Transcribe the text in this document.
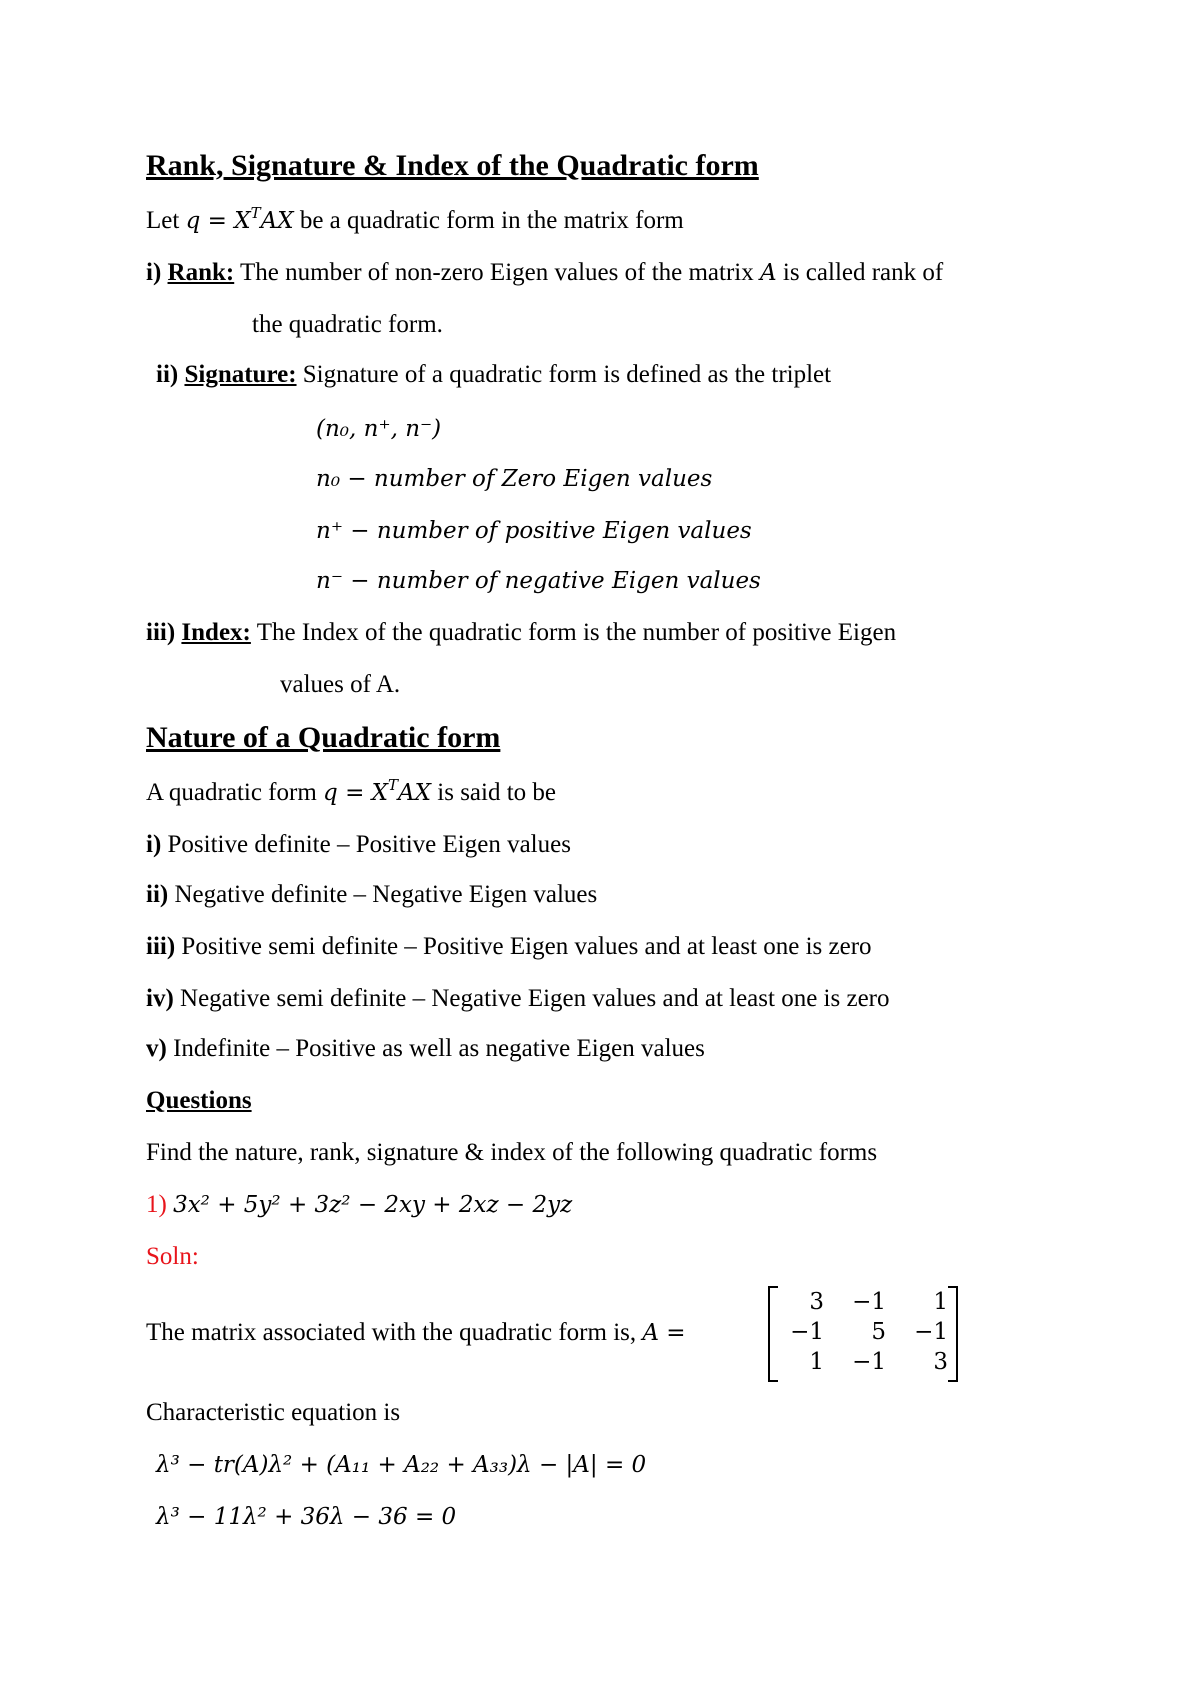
Rank, Signature & Index of the Quadratic form
Let $q = X^TAX$ be a quadratic form in the matrix form
i) Rank: The number of non-zero Eigen values of the matrix A is called rank of
the quadratic form.
ii) Signature: Signature of a quadratic form is defined as the triplet
(n₀, n⁺, n⁻)
n₀ − number of Zero Eigen values
n⁺ − number of positive Eigen values
n⁻ − number of negative Eigen values
iii) Index: The Index of the quadratic form is the number of positive Eigen
values of A.
Nature of a Quadratic form
A quadratic form $q = X^TAX$ is said to be
i) Positive definite – Positive Eigen values
ii) Negative definite – Negative Eigen values
iii) Positive semi definite – Positive Eigen values and at least one is zero
iv) Negative semi definite – Negative Eigen values and at least one is zero
v) Indefinite – Positive as well as negative Eigen values
Questions
Find the nature, rank, signature & index of the following quadratic forms
1) 3x² + 5y² + 3z² − 2xy + 2xz − 2yz
Soln:
The matrix associated with the quadratic form is, A =
3	−1	1
−1	5	−1
1	−1	3
Characteristic equation is
λ³ − tr(A)λ² + (A₁₁ + A₂₂ + A₃₃)λ − |A| = 0
λ³ − 11λ² + 36λ − 36 = 0
